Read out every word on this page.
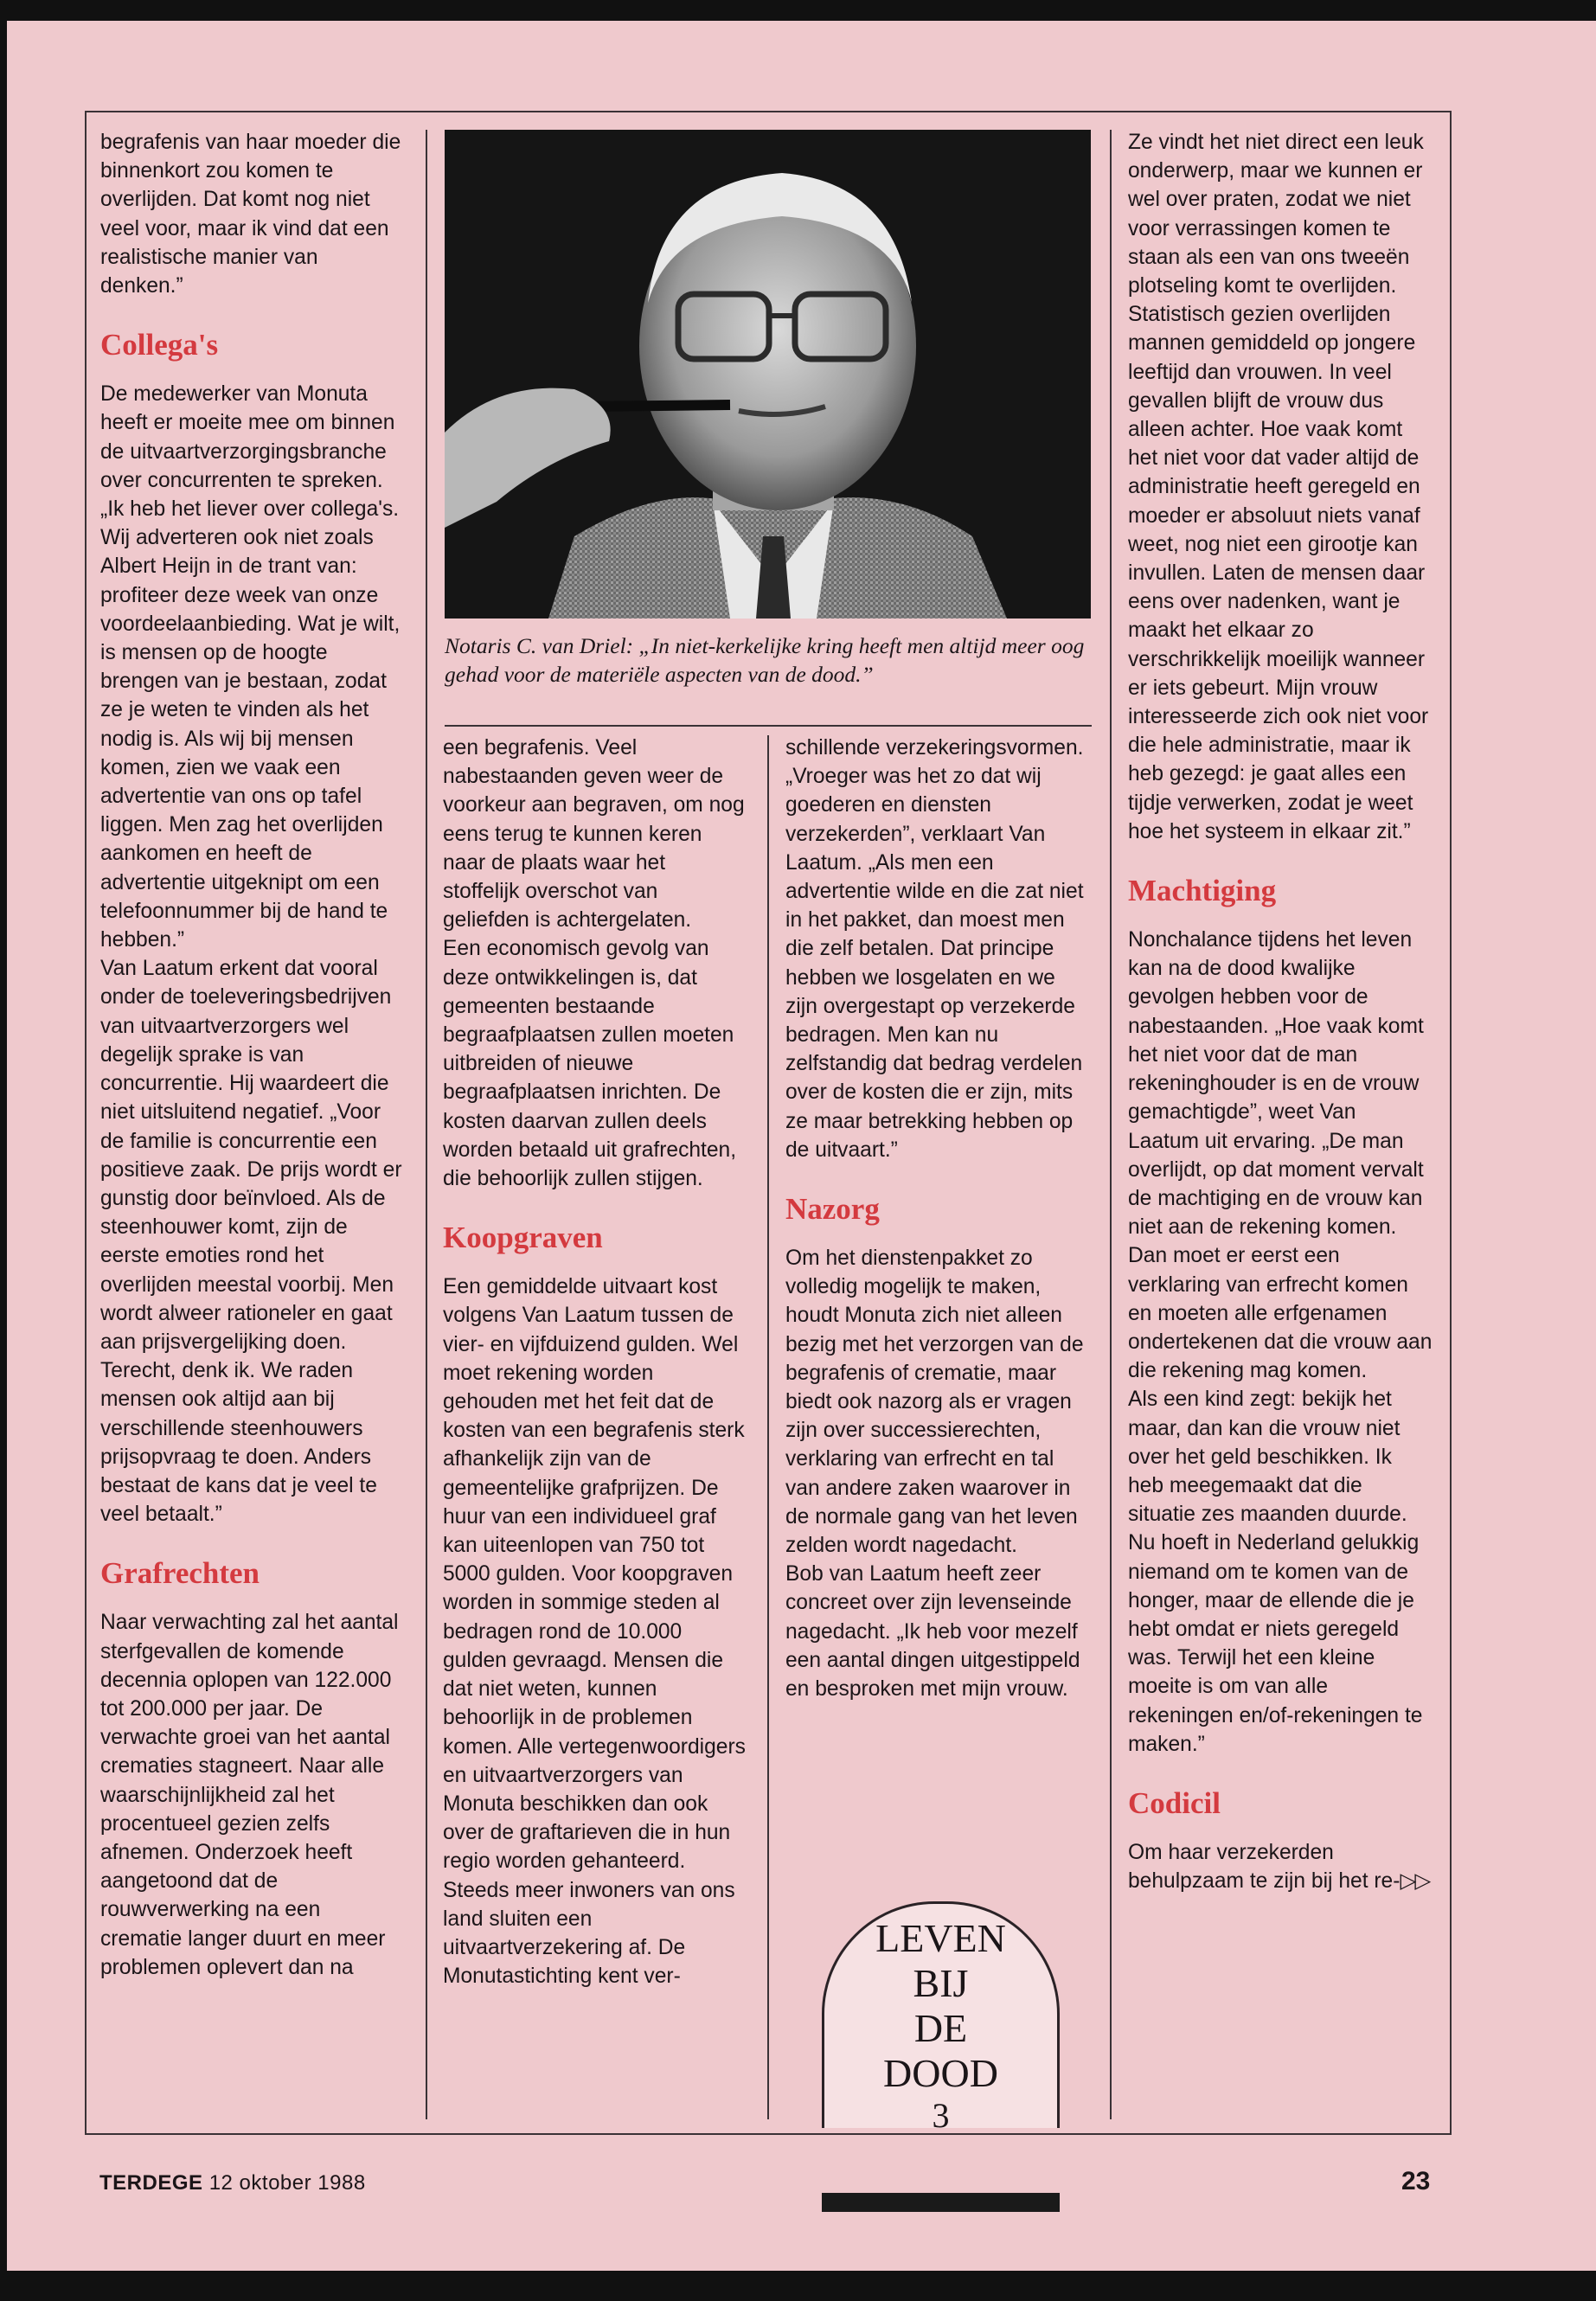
begrafenis van haar moeder die binnenkort zou komen te overlijden. Dat komt nog niet veel voor, maar ik vind dat een realistische manier van denken.”

Collega's

De medewerker van Monuta heeft er moeite mee om binnen de uitvaartverzorgingsbranche over concurrenten te spreken. „Ik heb het liever over collega's. Wij adverteren ook niet zoals Albert Heijn in de trant van: profiteer deze week van onze voordeelaanbieding. Wat je wilt, is mensen op de hoogte brengen van je bestaan, zodat ze je weten te vinden als het nodig is. Als wij bij mensen komen, zien we vaak een advertentie van ons op tafel liggen. Men zag het overlijden aankomen en heeft de advertentie uitgeknipt om een telefoonnummer bij de hand te hebben.”

Van Laatum erkent dat vooral onder de toeleveringsbedrijven van uitvaartverzorgers wel degelijk sprake is van concurrentie. Hij waardeert die niet uitsluitend negatief. „Voor de familie is concurrentie een positieve zaak. De prijs wordt er gunstig door beïnvloed. Als de steenhouwer komt, zijn de eerste emoties rond het overlijden meestal voorbij. Men wordt alweer rationeler en gaat aan prijsvergelijking doen. Terecht, denk ik. We raden mensen ook altijd aan bij verschillende steenhouwers prijsopvraag te doen. Anders bestaat de kans dat je veel te veel betaalt.”

Grafrechten

Naar verwachting zal het aantal sterfgevallen de komende decennia oplopen van 122.000 tot 200.000 per jaar. De verwachte groei van het aantal crematies stagneert. Naar alle waarschijnlijkheid zal het procentueel gezien zelfs afnemen. Onderzoek heeft aangetoond dat de rouwverwerking na een crematie langer duurt en meer problemen oplevert dan na

Notaris C. van Driel: „In niet-kerkelijke kring heeft men altijd meer oog gehad voor de materiële aspecten van de dood.”

een begrafenis. Veel nabestaanden geven weer de voorkeur aan begraven, om nog eens terug te kunnen keren naar de plaats waar het stoffelijk overschot van geliefden is achtergelaten.

Een economisch gevolg van deze ontwikkelingen is, dat gemeenten bestaande begraafplaatsen zullen moeten uitbreiden of nieuwe begraafplaatsen inrichten. De kosten daarvan zullen deels worden betaald uit grafrechten, die behoorlijk zullen stijgen.

Koopgraven

Een gemiddelde uitvaart kost volgens Van Laatum tussen de vier- en vijfduizend gulden. Wel moet rekening worden gehouden met het feit dat de kosten van een begrafenis sterk afhankelijk zijn van de gemeentelijke grafprijzen. De huur van een individueel graf kan uiteenlopen van 750 tot 5000 gulden. Voor koopgraven worden in sommige steden al bedragen rond de 10.000 gulden gevraagd. Mensen die dat niet weten, kunnen behoorlijk in de problemen komen. Alle vertegenwoordigers en uitvaartverzorgers van Monuta beschikken dan ook over de graftarieven die in hun regio worden gehanteerd.

Steeds meer inwoners van ons land sluiten een uitvaartverzekering af. De Monutastichting kent ver-

schillende verzekeringsvormen. „Vroeger was het zo dat wij goederen en diensten verzekerden”, verklaart Van Laatum. „Als men een advertentie wilde en die zat niet in het pakket, dan moest men die zelf betalen. Dat principe hebben we losgelaten en we zijn overgestapt op verzekerde bedragen. Men kan nu zelfstandig dat bedrag verdelen over de kosten die er zijn, mits ze maar betrekking hebben op de uitvaart.”

Nazorg

Om het dienstenpakket zo volledig mogelijk te maken, houdt Monuta zich niet alleen bezig met het verzorgen van de begrafenis of crematie, maar biedt ook nazorg als er vragen zijn over successierechten, verklaring van erfrecht en tal van andere zaken waarover in de normale gang van het leven zelden wordt nagedacht.

Bob van Laatum heeft zeer concreet over zijn levenseinde nagedacht. „Ik heb voor mezelf een aantal dingen uitgestippeld en besproken met mijn vrouw.

Ze vindt het niet direct een leuk onderwerp, maar we kunnen er wel over praten, zodat we niet voor verrassingen komen te staan als een van ons tweeën plotseling komt te overlijden.

Statistisch gezien overlijden mannen gemiddeld op jongere leeftijd dan vrouwen. In veel gevallen blijft de vrouw dus alleen achter. Hoe vaak komt het niet voor dat vader altijd de administratie heeft geregeld en moeder er absoluut niets vanaf weet, nog niet een girootje kan invullen. Laten de mensen daar eens over nadenken, want je maakt het elkaar zo verschrikkelijk moeilijk wanneer er iets gebeurt. Mijn vrouw interesseerde zich ook niet voor die hele administratie, maar ik heb gezegd: je gaat alles een tijdje verwerken, zodat je weet hoe het systeem in elkaar zit.”

Machtiging

Nonchalance tijdens het leven kan na de dood kwalijke gevolgen hebben voor de nabestaanden. „Hoe vaak komt het niet voor dat de man rekeninghouder is en de vrouw gemachtigde”, weet Van Laatum uit ervaring. „De man overlijdt, op dat moment vervalt de machtiging en de vrouw kan niet aan de rekening komen. Dan moet er eerst een verklaring van erfrecht komen en moeten alle erfgenamen ondertekenen dat die vrouw aan die rekening mag komen.

Als een kind zegt: bekijk het maar, dan kan die vrouw niet over het geld beschikken. Ik heb meegemaakt dat die situatie zes maanden duurde. Nu hoeft in Nederland gelukkig niemand om te komen van de honger, maar de ellende die je hebt omdat er niets geregeld was. Terwijl het een kleine moeite is om van alle rekeningen en/of-rekeningen te maken.”

Codicil

Om haar verzekerden behulpzaam te zijn bij het re-▷▷

LEVEN
BIJ
DE
DOOD
3
TERDEGE 12 oktober 1988	23
